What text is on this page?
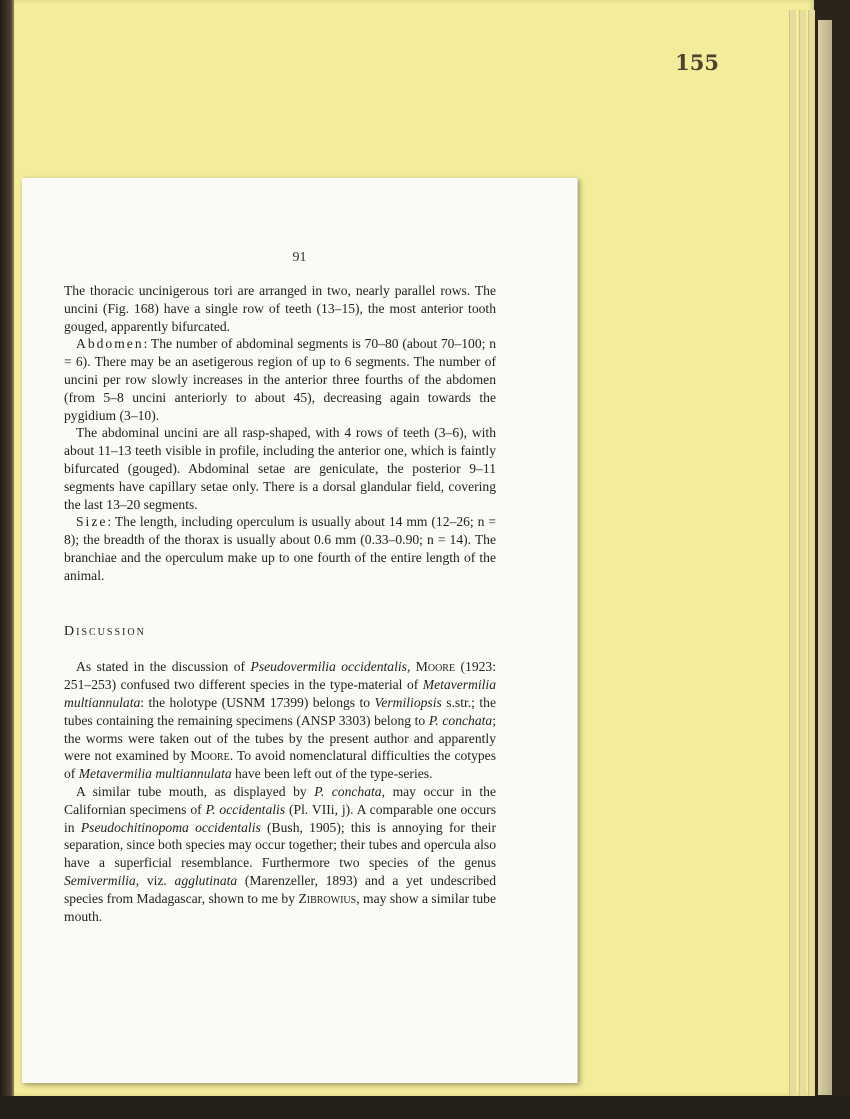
155
91

The thoracic uncinigerous tori are arranged in two, nearly parallel rows. The uncini (Fig. 168) have a single row of teeth (13–15), the most anterior tooth gouged, apparently bifurcated.

Abdomen: The number of abdominal segments is 70–80 (about 70–100; n = 6). There may be an asetigerous region of up to 6 segments. The number of uncini per row slowly increases in the anterior three fourths of the abdomen (from 5–8 uncini anteriorly to about 45), decreasing again towards the pygidium (3–10).

The abdominal uncini are all rasp-shaped, with 4 rows of teeth (3–6), with about 11–13 teeth visible in profile, including the anterior one, which is faintly bifurcated (gouged). Abdominal setae are geniculate, the posterior 9–11 segments have capillary setae only. There is a dorsal glandular field, covering the last 13–20 segments.

Size: The length, including operculum is usually about 14 mm (12–26; n = 8); the breadth of the thorax is usually about 0.6 mm (0.33–0.90; n = 14). The branchiae and the operculum make up to one fourth of the entire length of the animal.

Discussion

As stated in the discussion of Pseudovermilia occidentalis, Moore (1923: 251–253) confused two different species in the type-material of Metavermilia multiannulata: the holotype (USNM 17399) belongs to Vermiliopsis s.str.; the tubes containing the remaining specimens (ANSP 3303) belong to P. conchata; the worms were taken out of the tubes by the present author and apparently were not examined by Moore. To avoid nomenclatural difficulties the cotypes of Metavermilia multiannulata have been left out of the type-series.

A similar tube mouth, as displayed by P. conchata, may occur in the Californian specimens of P. occidentalis (Pl. VIIi, j). A comparable one occurs in Pseudochitinopoma occidentalis (Bush, 1905); this is annoying for their separation, since both species may occur together; their tubes and opercula also have a superficial resemblance. Furthermore two species of the genus Semivermilia, viz. agglutinata (Marenzeller, 1893) and a yet undescribed species from Madagascar, shown to me by Zibrowius, may show a similar tube mouth.
